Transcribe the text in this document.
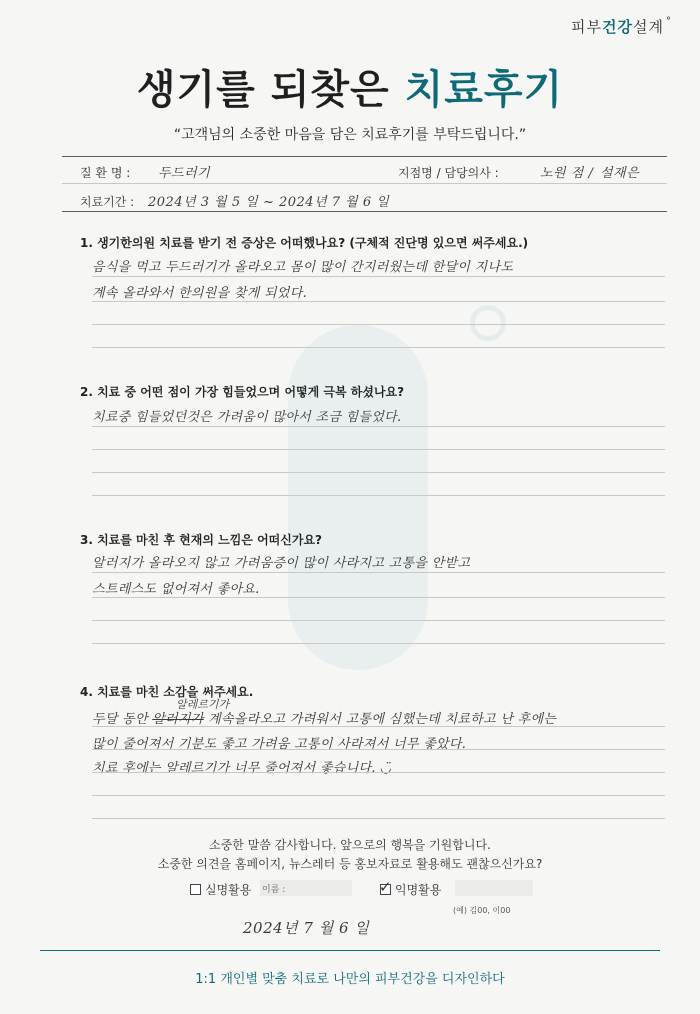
피부건강설계 °
생기를 되찾은 치료후기
“고객님의 소중한 마음을 담은 치료후기를 부탁드립니다.”
질 환 명 : 두드러기	지점명 / 담당의사 :	노원 점 / 설재은
치료기간 : 2024년 3 월 5 일 ~ 2024년 7 월 6 일
1. 생기한의원 치료를 받기 전 증상은 어떠했나요? (구체적 진단명 있으면 써주세요.)
음식을 먹고 두드러기가 올라오고 몸이 많이 간지러웠는데 한달이 지나도
계속 올라와서 한의원을 찾게 되었다.
2. 치료 중 어떤 점이 가장 힘들었으며 어떻게 극복 하셨나요?
치료중 힘들었던것은 가려움이 많아서 조금 힘들었다.
3. 치료를 마친 후 현재의 느낌은 어떠신가요?
알러지가 올라오지 않고 가려움증이 많이 사라지고 고통을 안받고
스트레스도 없어져서 좋아요.
4. 치료를 마친 소감을 써주세요.
알레르기가
두달 동안 알러지가 계속올라오고 가려워서 고통에 심했는데 치료하고 난 후에는
많이 줄어져서 기분도 좋고 가려움 고통이 사라져서 너무 좋았다.
치료 후에는 알레르기가 너무 줄어져서 좋습니다. ◡̈
소중한 말씀 감사합니다. 앞으로의 행복을 기원합니다.
소중한 의견을 홈페이지, 뉴스레터 등 홍보자료로 활용해도 괜찮으신가요?
실명활용 이름 :	✓ 익명활용
(예) 김00, 이00
2024년 7 월 6 일
1:1 개인별 맞춤 치료로 나만의 피부건강을 디자인하다
